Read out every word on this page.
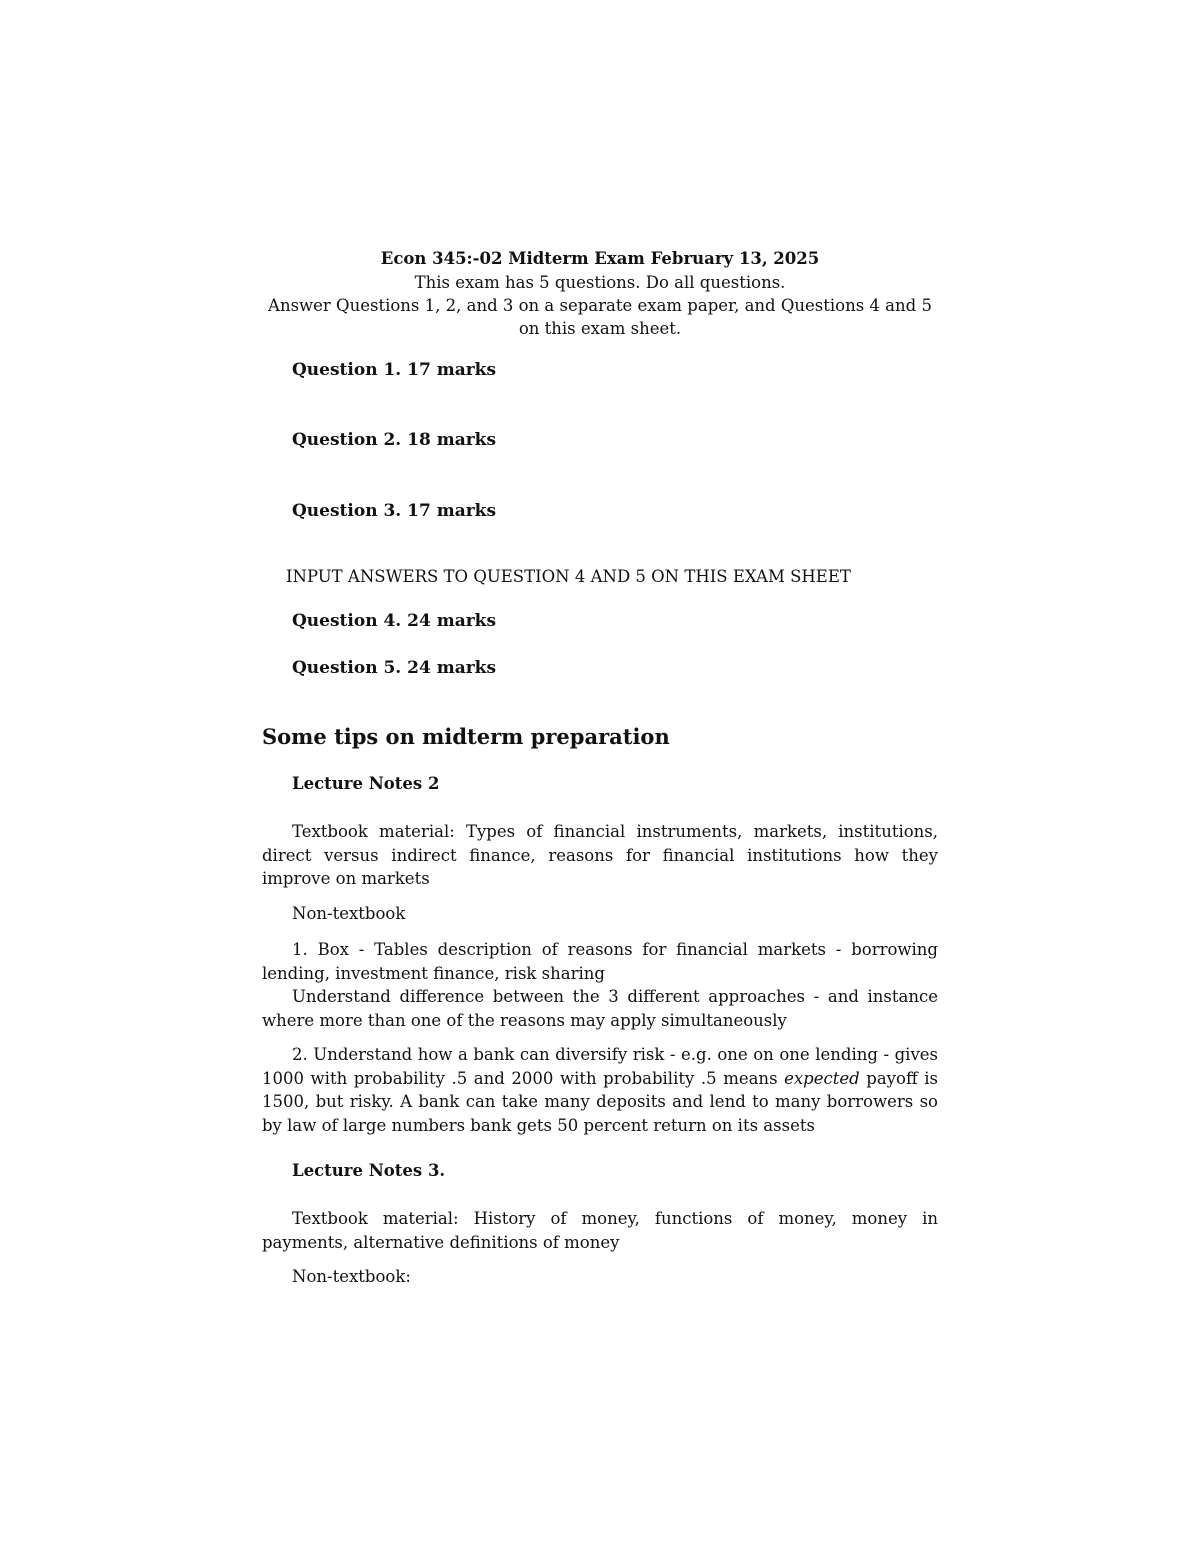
Econ 345:-02 Midterm Exam February 13, 2025
This exam has 5 questions. Do all questions.
Answer Questions 1, 2, and 3 on a separate exam paper, and Questions 4 and 5 on this exam sheet.
Question 1. 17 marks
Question 2. 18 marks
Question 3. 17 marks
INPUT ANSWERS TO QUESTION 4 AND 5 ON THIS EXAM SHEET
Question 4. 24 marks
Question 5. 24 marks
Some tips on midterm preparation
Lecture Notes 2
Textbook material: Types of financial instruments, markets, institutions, direct versus indirect finance, reasons for financial institutions how they improve on markets
Non-textbook
1. Box - Tables description of reasons for financial markets - borrowing lending, investment finance, risk sharing
Understand difference between the 3 different approaches - and instance where more than one of the reasons may apply simultaneously
2. Understand how a bank can diversify risk - e.g. one on one lending - gives 1000 with probability .5 and 2000 with probability .5 means expected payoff is 1500, but risky. A bank can take many deposits and lend to many borrowers so by law of large numbers bank gets 50 percent return on its assets
Lecture Notes 3.
Textbook material: History of money, functions of money, money in payments, alternative definitions of money
Non-textbook:
